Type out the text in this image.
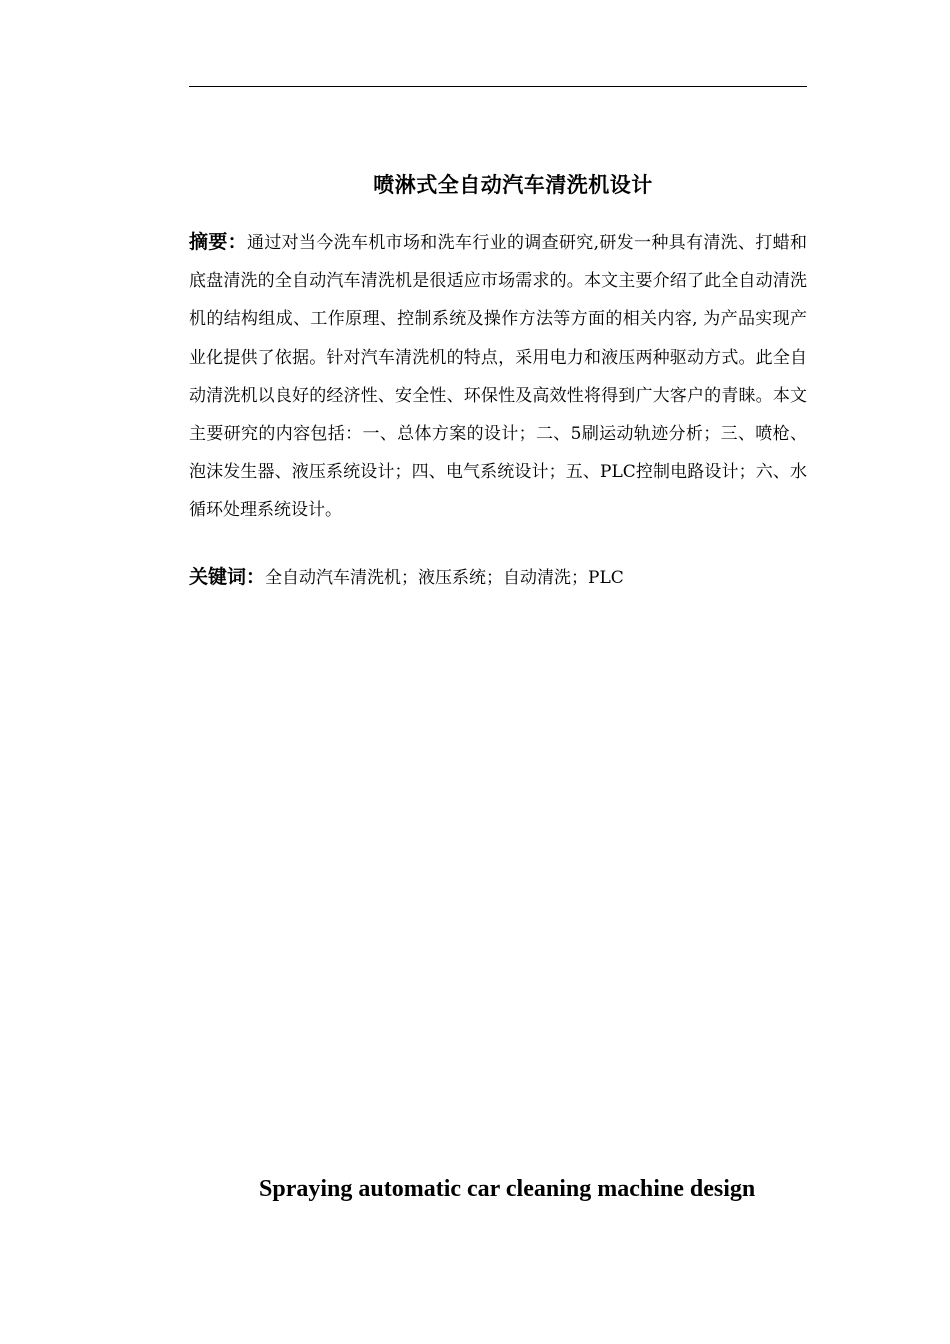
喷淋式全自动汽车清洗机设计
摘要：通过对当今洗车机市场和洗车行业的调查研究,研发一种具有清洗、打蜡和底盘清洗的全自动汽车清洗机是很适应市场需求的。本文主要介绍了此全自动清洗机的结构组成、工作原理、控制系统及操作方法等方面的相关内容, 为产品实现产业化提供了依据。针对汽车清洗机的特点，采用电力和液压两种驱动方式。此全自动清洗机以良好的经济性、安全性、环保性及高效性将得到广大客户的青睐。本文主要研究的内容包括：一、总体方案的设计；二、5刷运动轨迹分析；三、喷枪、泡沫发生器、液压系统设计；四、电气系统设计；五、PLC控制电路设计；六、水循环处理系统设计。
关键词：全自动汽车清洗机；液压系统；自动清洗；PLC
Spraying automatic car cleaning machine design
